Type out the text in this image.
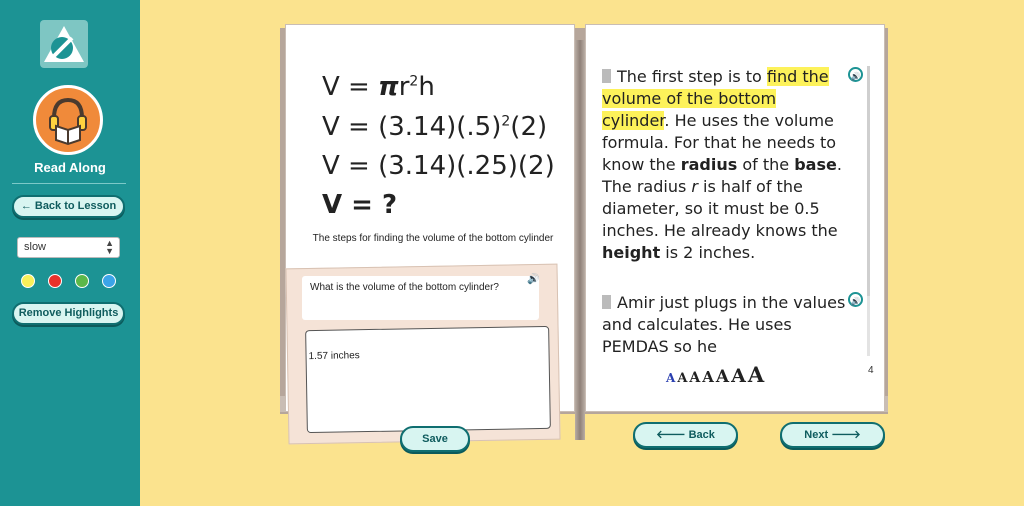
Read Along
← Back to Lesson
slow	▲
▼
Remove Highlights
$V = \pi r^2h$
$V = (3.14)(.5)^2(2)$
V = (3.14)(.25)(2)
V = ?
The steps for finding the volume of the bottom cylinder
What is the volume of the bottom cylinder?
🔊
1.57 inches
Save
The first step is to find the volume of the bottom cylinder. He uses the volume formula. For that he needs to know the radius of the base. The radius r is half of the diameter, so it must be 0.5 inches. He already knows the height is 2 inches.
Amir just plugs in the values and calculates. He uses PEMDAS so he
🔊
🔊
A A A A A AA	4
🡐 Back	Next 🡒
